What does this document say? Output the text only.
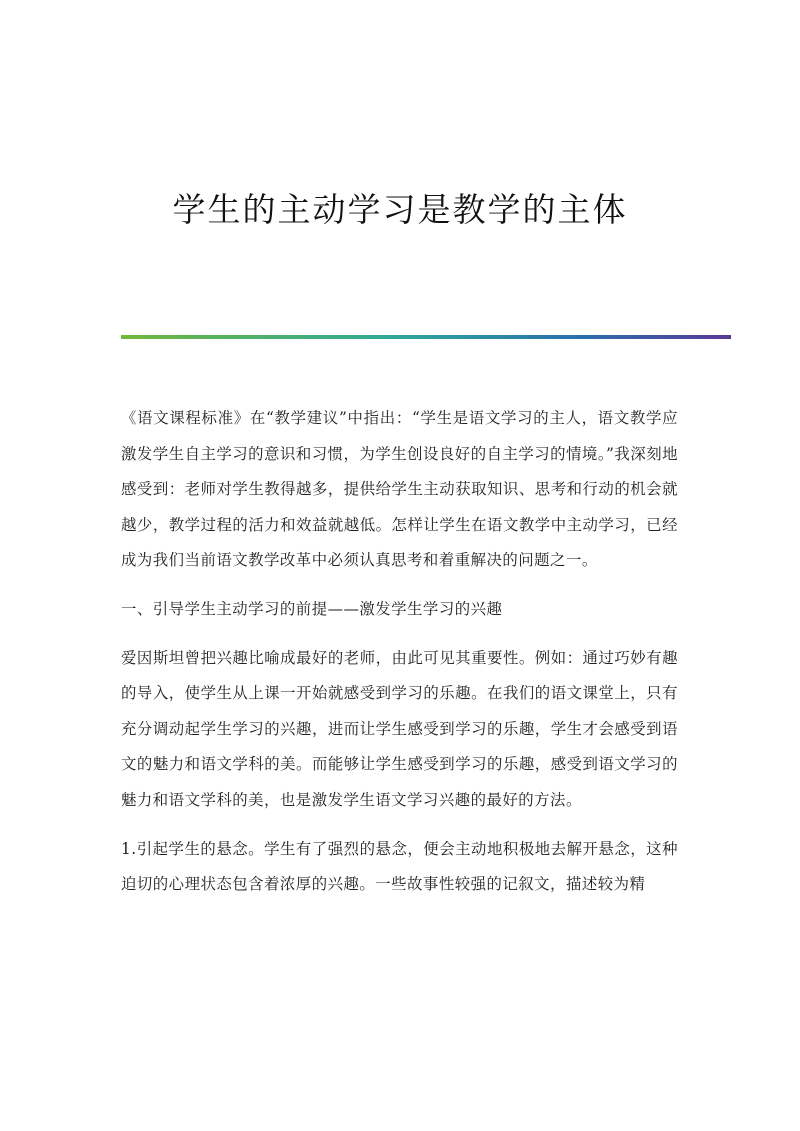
学生的主动学习是教学的主体

《语文课程标准》在“教学建议”中指出：“学生是语文学习的主人，语文教学应激发学生自主学习的意识和习惯，为学生创设良好的自主学习的情境。”我深刻地感受到：老师对学生教得越多，提供给学生主动获取知识、思考和行动的机会就越少，教学过程的活力和效益就越低。怎样让学生在语文教学中主动学习，已经成为我们当前语文教学改革中必须认真思考和着重解决的问题之一。

一、引导学生主动学习的前提——激发学生学习的兴趣

爱因斯坦曾把兴趣比喻成最好的老师，由此可见其重要性。例如：通过巧妙有趣的导入，使学生从上课一开始就感受到学习的乐趣。在我们的语文课堂上，只有充分调动起学生学习的兴趣，进而让学生感受到学习的乐趣，学生才会感受到语文的魅力和语文学科的美。而能够让学生感受到学习的乐趣，感受到语文学习的魅力和语文学科的美，也是激发学生语文学习兴趣的最好的方法。

1.引起学生的悬念。学生有了强烈的悬念，便会主动地积极地去解开悬念，这种迫切的心理状态包含着浓厚的兴趣。一些故事性较强的记叙文，描述较为精
